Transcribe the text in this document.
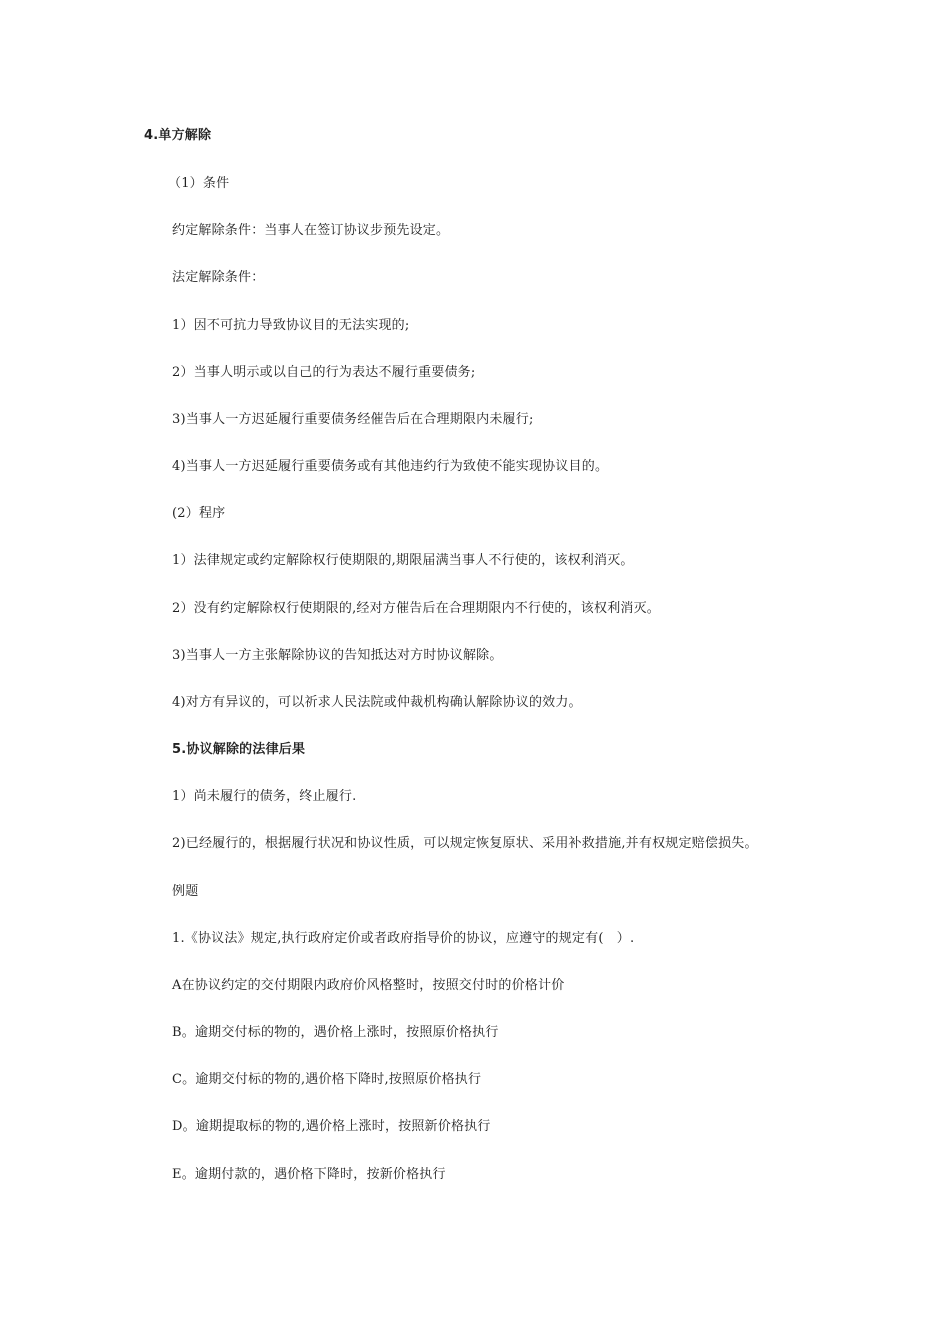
4.单方解除
（1）条件
约定解除条件：当事人在签订协议步预先设定。
法定解除条件：
1）因不可抗力导致协议目的无法实现的;
2）当事人明示或以自己的行为表达不履行重要债务;
3)当事人一方迟延履行重要债务经催告后在合理期限内未履行;
4)当事人一方迟延履行重要债务或有其他违约行为致使不能实现协议目的。
(2）程序
1）法律规定或约定解除权行使期限的,期限届满当事人不行使的，该权利消灭。
2）没有约定解除权行使期限的,经对方催告后在合理期限内不行使的，该权利消灭。
3)当事人一方主张解除协议的告知抵达对方时协议解除。
4)对方有异议的，可以祈求人民法院或仲裁机构确认解除协议的效力。
5.协议解除的法律后果
1）尚未履行的债务，终止履行.
2)已经履行的，根据履行状况和协议性质，可以规定恢复原状、采用补救措施,并有权规定赔偿损失。
例题
1.《协议法》规定,执行政府定价或者政府指导价的协议，应遵守的规定有(　）.
A在协议约定的交付期限内政府价风格整时，按照交付时的价格计价
B。逾期交付标的物的，遇价格上涨时，按照原价格执行
C。逾期交付标的物的,遇价格下降时,按照原价格执行
D。逾期提取标的物的,遇价格上涨时，按照新价格执行
E。逾期付款的，遇价格下降时，按新价格执行
